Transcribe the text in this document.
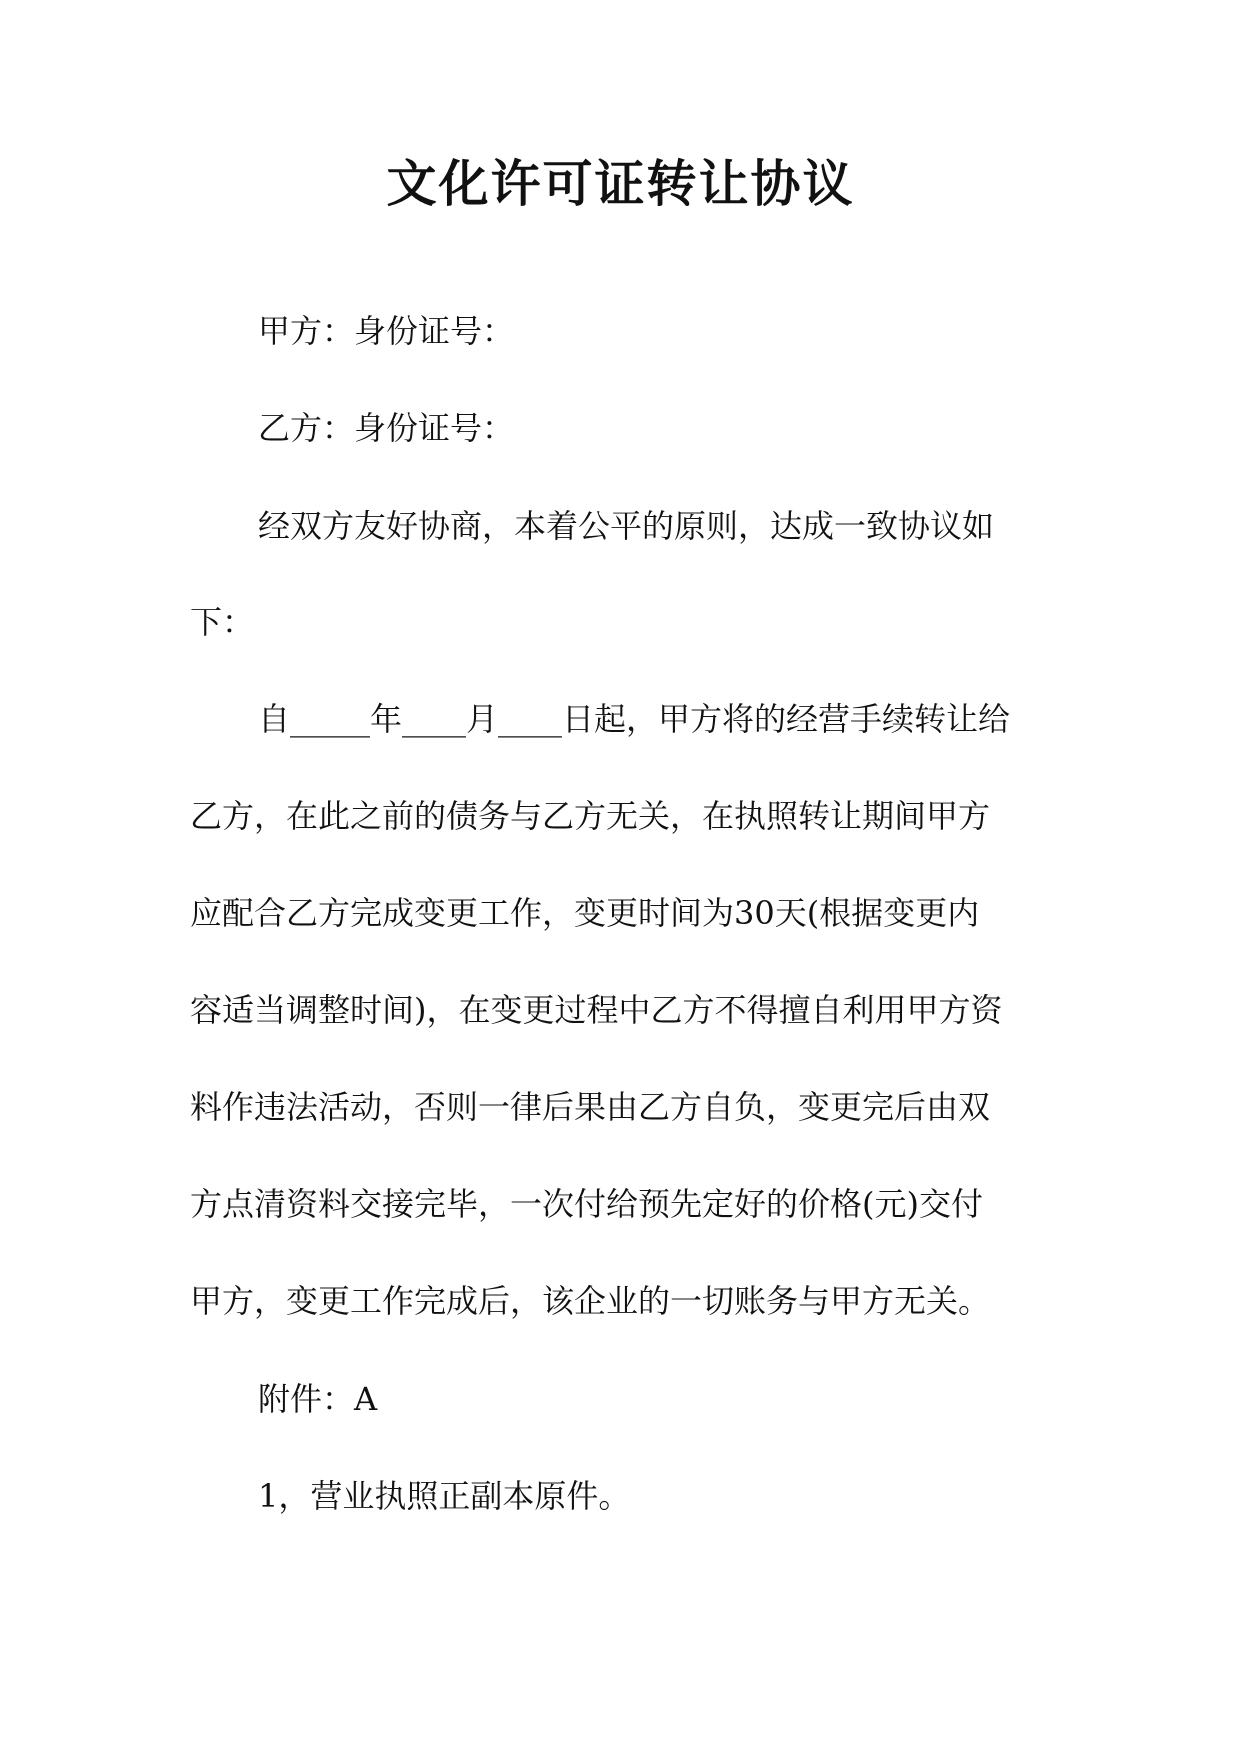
文化许可证转让协议

甲方：身份证号：

乙方：身份证号：

经双方友好协商，本着公平的原则，达成一致协议如

下：

自_____年____月____日起，甲方将的经营手续转让给

乙方，在此之前的债务与乙方无关，在执照转让期间甲方

应配合乙方完成变更工作，变更时间为30天(根据变更内

容适当调整时间)，在变更过程中乙方不得擅自利用甲方资

料作违法活动，否则一律后果由乙方自负，变更完后由双

方点清资料交接完毕，一次付给预先定好的价格(元)交付

甲方，变更工作完成后，该企业的一切账务与甲方无关。

附件：A

1，营业执照正副本原件。
